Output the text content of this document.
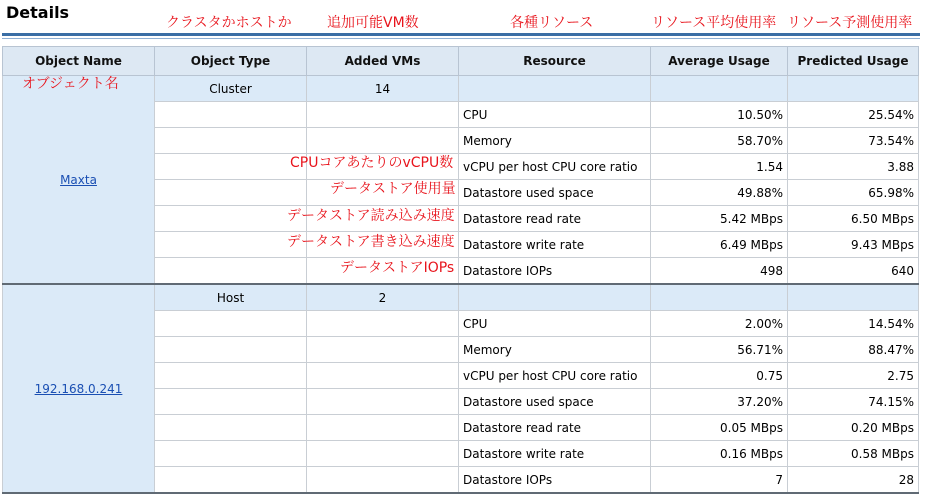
Details
クラスタかホストか	追加可能VM数	各種リソース	リソース平均使用率 リソース予測使用率
Object Name	Object Type	Added VMs	Resource	Average Usage	Predicted Usage
Maxta	Cluster	14			
			CPU	10.50%	25.54%
			Memory	58.70%	73.54%
			vCPU per host CPU core ratio	1.54	3.88
			Datastore used space	49.88%	65.98%
			Datastore read rate	5.42 MBps	6.50 MBps
			Datastore write rate	6.49 MBps	9.43 MBps
			Datastore IOPs	498	640
192.168.0.241	Host	2			
			CPU	2.00%	14.54%
			Memory	56.71%	88.47%
			vCPU per host CPU core ratio	0.75	2.75
			Datastore used space	37.20%	74.15%
			Datastore read rate	0.05 MBps	0.20 MBps
			Datastore write rate	0.16 MBps	0.58 MBps
			Datastore IOPs	7	28
オブジェクト名
CPUコアあたりのvCPU数
データストア使用量
データストア読み込み速度
データストア書き込み速度
データストアIOPs
